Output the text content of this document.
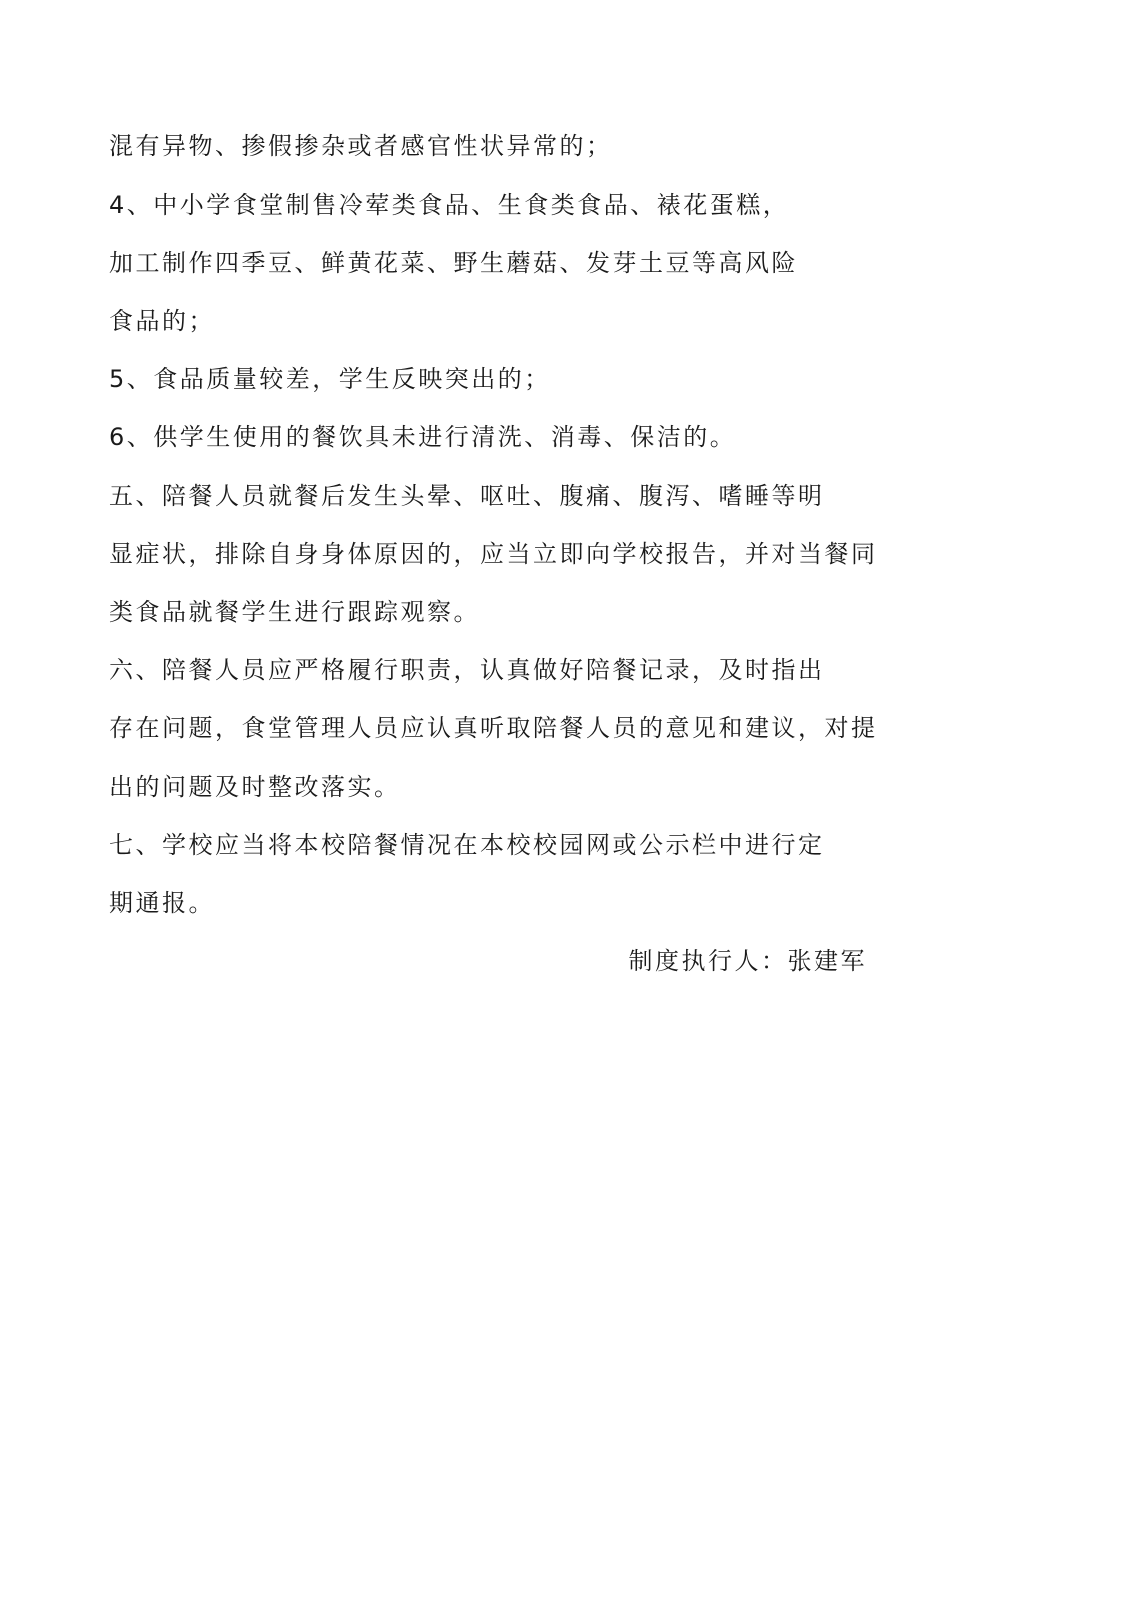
混有异物、掺假掺杂或者感官性状异常的；
4、中小学食堂制售冷荤类食品、生食类食品、裱花蛋糕，
加工制作四季豆、鲜黄花菜、野生蘑菇、发芽土豆等高风险
食品的；
5、食品质量较差，学生反映突出的；
6、供学生使用的餐饮具未进行清洗、消毒、保洁的。
五、陪餐人员就餐后发生头晕、呕吐、腹痛、腹泻、嗜睡等明
显症状，排除自身身体原因的，应当立即向学校报告，并对当餐同
类食品就餐学生进行跟踪观察。
六、陪餐人员应严格履行职责，认真做好陪餐记录，及时指出
存在问题，食堂管理人员应认真听取陪餐人员的意见和建议，对提
出的问题及时整改落实。
七、学校应当将本校陪餐情况在本校校园网或公示栏中进行定
期通报。
制度执行人：张建军
